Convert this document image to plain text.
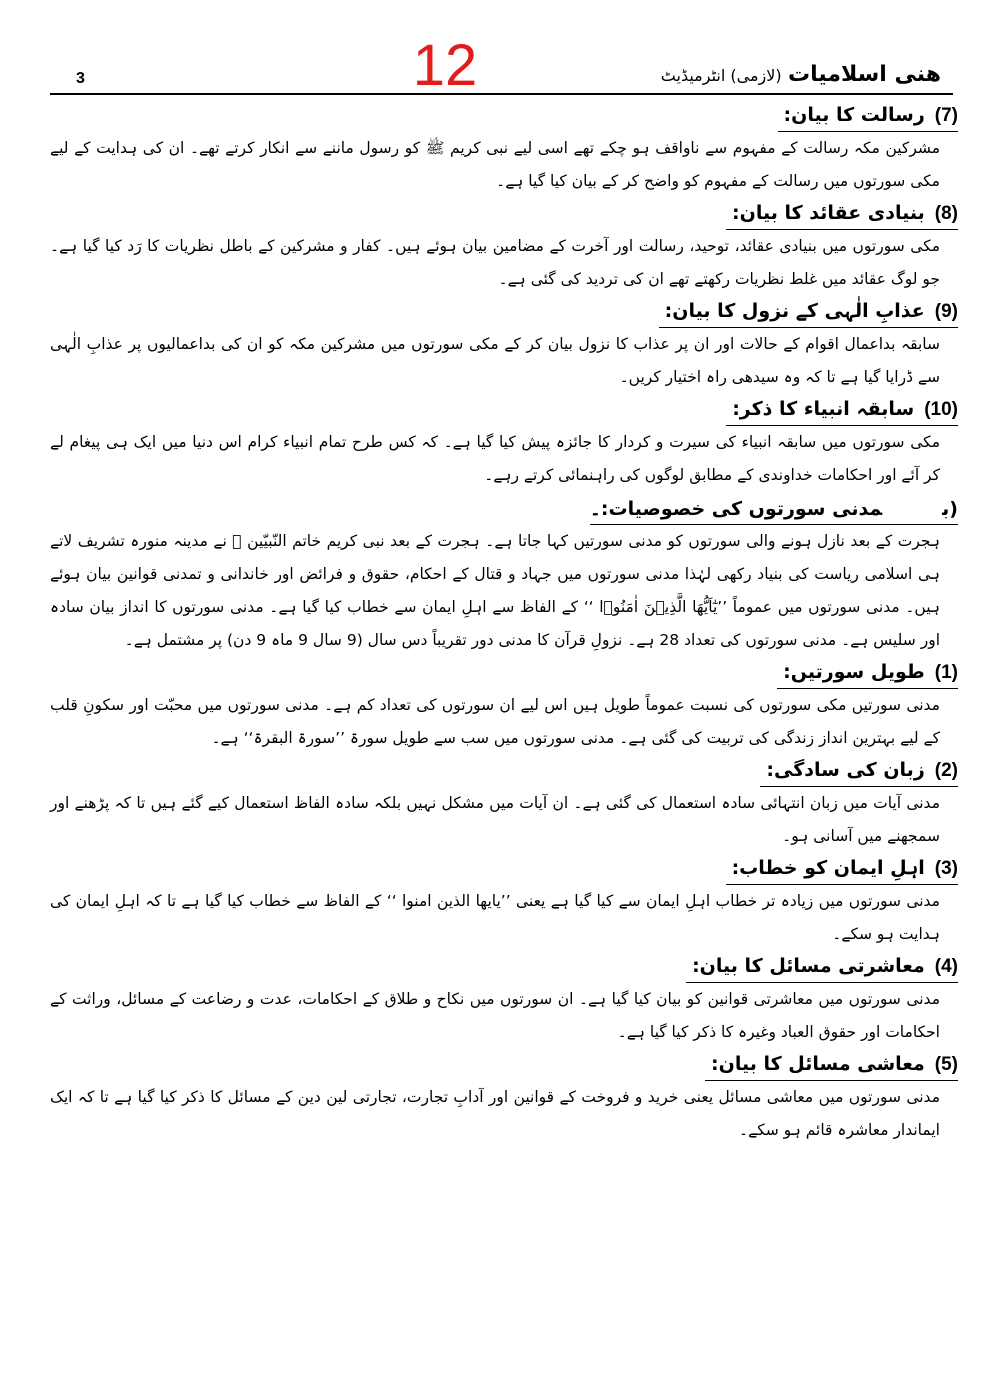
3	12	ھنی اسلامیات (لازمی) انٹرمیڈیٹ
(7)رسالت کا بیان:

مشرکین مکہ رسالت کے مفہوم سے ناواقف ہو چکے تھے اسی لیے نبی کریم ﷺ کو رسول ماننے سے انکار کرتے تھے۔ ان کی ہدایت کے لیے مکی سورتوں میں رسالت کے مفہوم کو واضح کر کے بیان کیا گیا ہے۔

(8)بنیادی عقائد کا بیان:

مکی سورتوں میں بنیادی عقائد، توحید، رسالت اور آخرت کے مضامین بیان ہوئے ہیں۔ کفار و مشرکین کے باطل نظریات کا رَد کیا گیا ہے۔ جو لوگ عقائد میں غلط نظریات رکھتے تھے ان کی تردید کی گئی ہے۔

(9)عذابِ الٰہی کے نزول کا بیان:

سابقہ بداعمال اقوام کے حالات اور ان پر عذاب کا نزول بیان کر کے مکی سورتوں میں مشرکین مکہ کو ان کی بداعمالیوں پر عذابِ الٰہی سے ڈرایا گیا ہے تا کہ وہ سیدھی راہ اختیار کریں۔

(10)سابقہ انبیاء کا ذکر:

مکی سورتوں میں سابقہ انبیاء کی سیرت و کردار کا جائزہ پیش کیا گیا ہے۔ کہ کس طرح تمام انبیاء کرام اس دنیا میں ایک ہی پیغام لے کر آئے اور احکامات خداوندی کے مطابق لوگوں کی راہنمائی کرتے رہے۔

(بمدنی سورتوں کی خصوصیات:۔

ہجرت کے بعد نازل ہونے والی سورتوں کو مدنی سورتیں کہا جاتا ہے۔ ہجرت کے بعد نبی کریم خاتم النّبیّین ﷺ نے مدینہ منورہ تشریف لاتے ہی اسلامی ریاست کی بنیاد رکھی لہٰذا مدنی سورتوں میں جہاد و قتال کے احکام، حقوق و فرائض اور خاندانی و تمدنی قوانین بیان ہوئے ہیں۔ مدنی سورتوں میں عموماً ’’یٰٓاَیُّھَا الَّذِیۡنَ اٰمَنُوۡا ‘‘ کے الفاظ سے اہلِ ایمان سے خطاب کیا گیا ہے۔ مدنی سورتوں کا انداز بیان سادہ اور سلیس ہے۔ مدنی سورتوں کی تعداد 28 ہے۔ نزولِ قرآن کا مدنی دور تقریباً دس سال (9 سال 9 ماہ 9 دن) پر مشتمل ہے۔

(1)طویل سورتیں:

مدنی سورتیں مکی سورتوں کی نسبت عموماً طویل ہیں اس لیے ان سورتوں کی تعداد کم ہے۔ مدنی سورتوں میں محبّت اور سکونِ قلب کے لیے بہترین انداز زندگی کی تربیت کی گئی ہے۔ مدنی سورتوں میں سب سے طویل سورۃ ’’سورۃ البقرۃ‘‘ ہے۔

(2)زبان کی سادگی:

مدنی آیات میں زبان انتہائی سادہ استعمال کی گئی ہے۔ ان آیات میں مشکل نہیں بلکہ سادہ الفاظ استعمال کیے گئے ہیں تا کہ پڑھنے اور سمجھنے میں آسانی ہو۔

(3)اہلِ ایمان کو خطاب:

مدنی سورتوں میں زیادہ تر خطاب اہلِ ایمان سے کیا گیا ہے یعنی ’’یایھا الذین امنوا ‘‘ کے الفاظ سے خطاب کیا گیا ہے تا کہ اہلِ ایمان کی ہدایت ہو سکے۔

(4)معاشرتی مسائل کا بیان:

مدنی سورتوں میں معاشرتی قوانین کو بیان کیا گیا ہے۔ ان سورتوں میں نکاح و طلاق کے احکامات، عدت و رضاعت کے مسائل، وراثت کے احکامات اور حقوق العباد وغیرہ کا ذکر کیا گیا ہے۔

(5)معاشی مسائل کا بیان:

مدنی سورتوں میں معاشی مسائل یعنی خرید و فروخت کے قوانین اور آدابِ تجارت، تجارتی لین دین کے مسائل کا ذکر کیا گیا ہے تا کہ ایک ایماندار معاشرہ قائم ہو سکے۔
